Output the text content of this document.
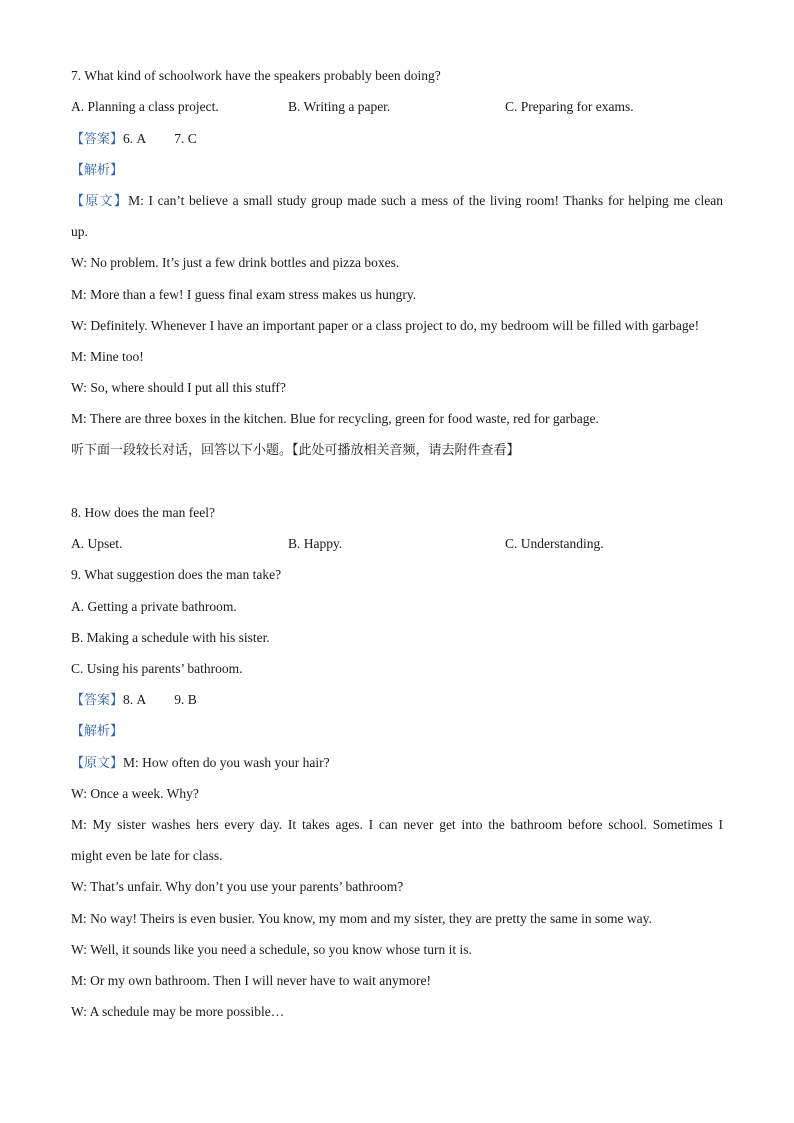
7. What kind of schoolwork have the speakers probably been doing?
A. Planning a class project.	B. Writing a paper.	C. Preparing for exams.
【答案】6. A 7. C
【解析】
【原文】M: I can’t believe a small study group made such a mess of the living room! Thanks for helping me clean
up.
W: No problem. It’s just a few drink bottles and pizza boxes.
M: More than a few! I guess final exam stress makes us hungry.
W: Definitely. Whenever I have an important paper or a class project to do, my bedroom will be filled with garbage!
M: Mine too!
W: So, where should I put all this stuff?
M: There are three boxes in the kitchen. Blue for recycling, green for food waste, red for garbage.
听下面一段较长对话，回答以下小题。【此处可播放相关音频，请去附件查看】
8. How does the man feel?
A. Upset.	B. Happy.	C. Understanding.
9. What suggestion does the man take?
A. Getting a private bathroom.
B. Making a schedule with his sister.
C. Using his parents’ bathroom.
【答案】8. A 9. B
【解析】
【原文】M: How often do you wash your hair?
W: Once a week. Why?
M: My sister washes hers every day. It takes ages. I can never get into the bathroom before school. Sometimes I
might even be late for class.
W: That’s unfair. Why don’t you use your parents’ bathroom?
M: No way! Theirs is even busier. You know, my mom and my sister, they are pretty the same in some way.
W: Well, it sounds like you need a schedule, so you know whose turn it is.
M: Or my own bathroom. Then I will never have to wait anymore!
W: A schedule may be more possible…
